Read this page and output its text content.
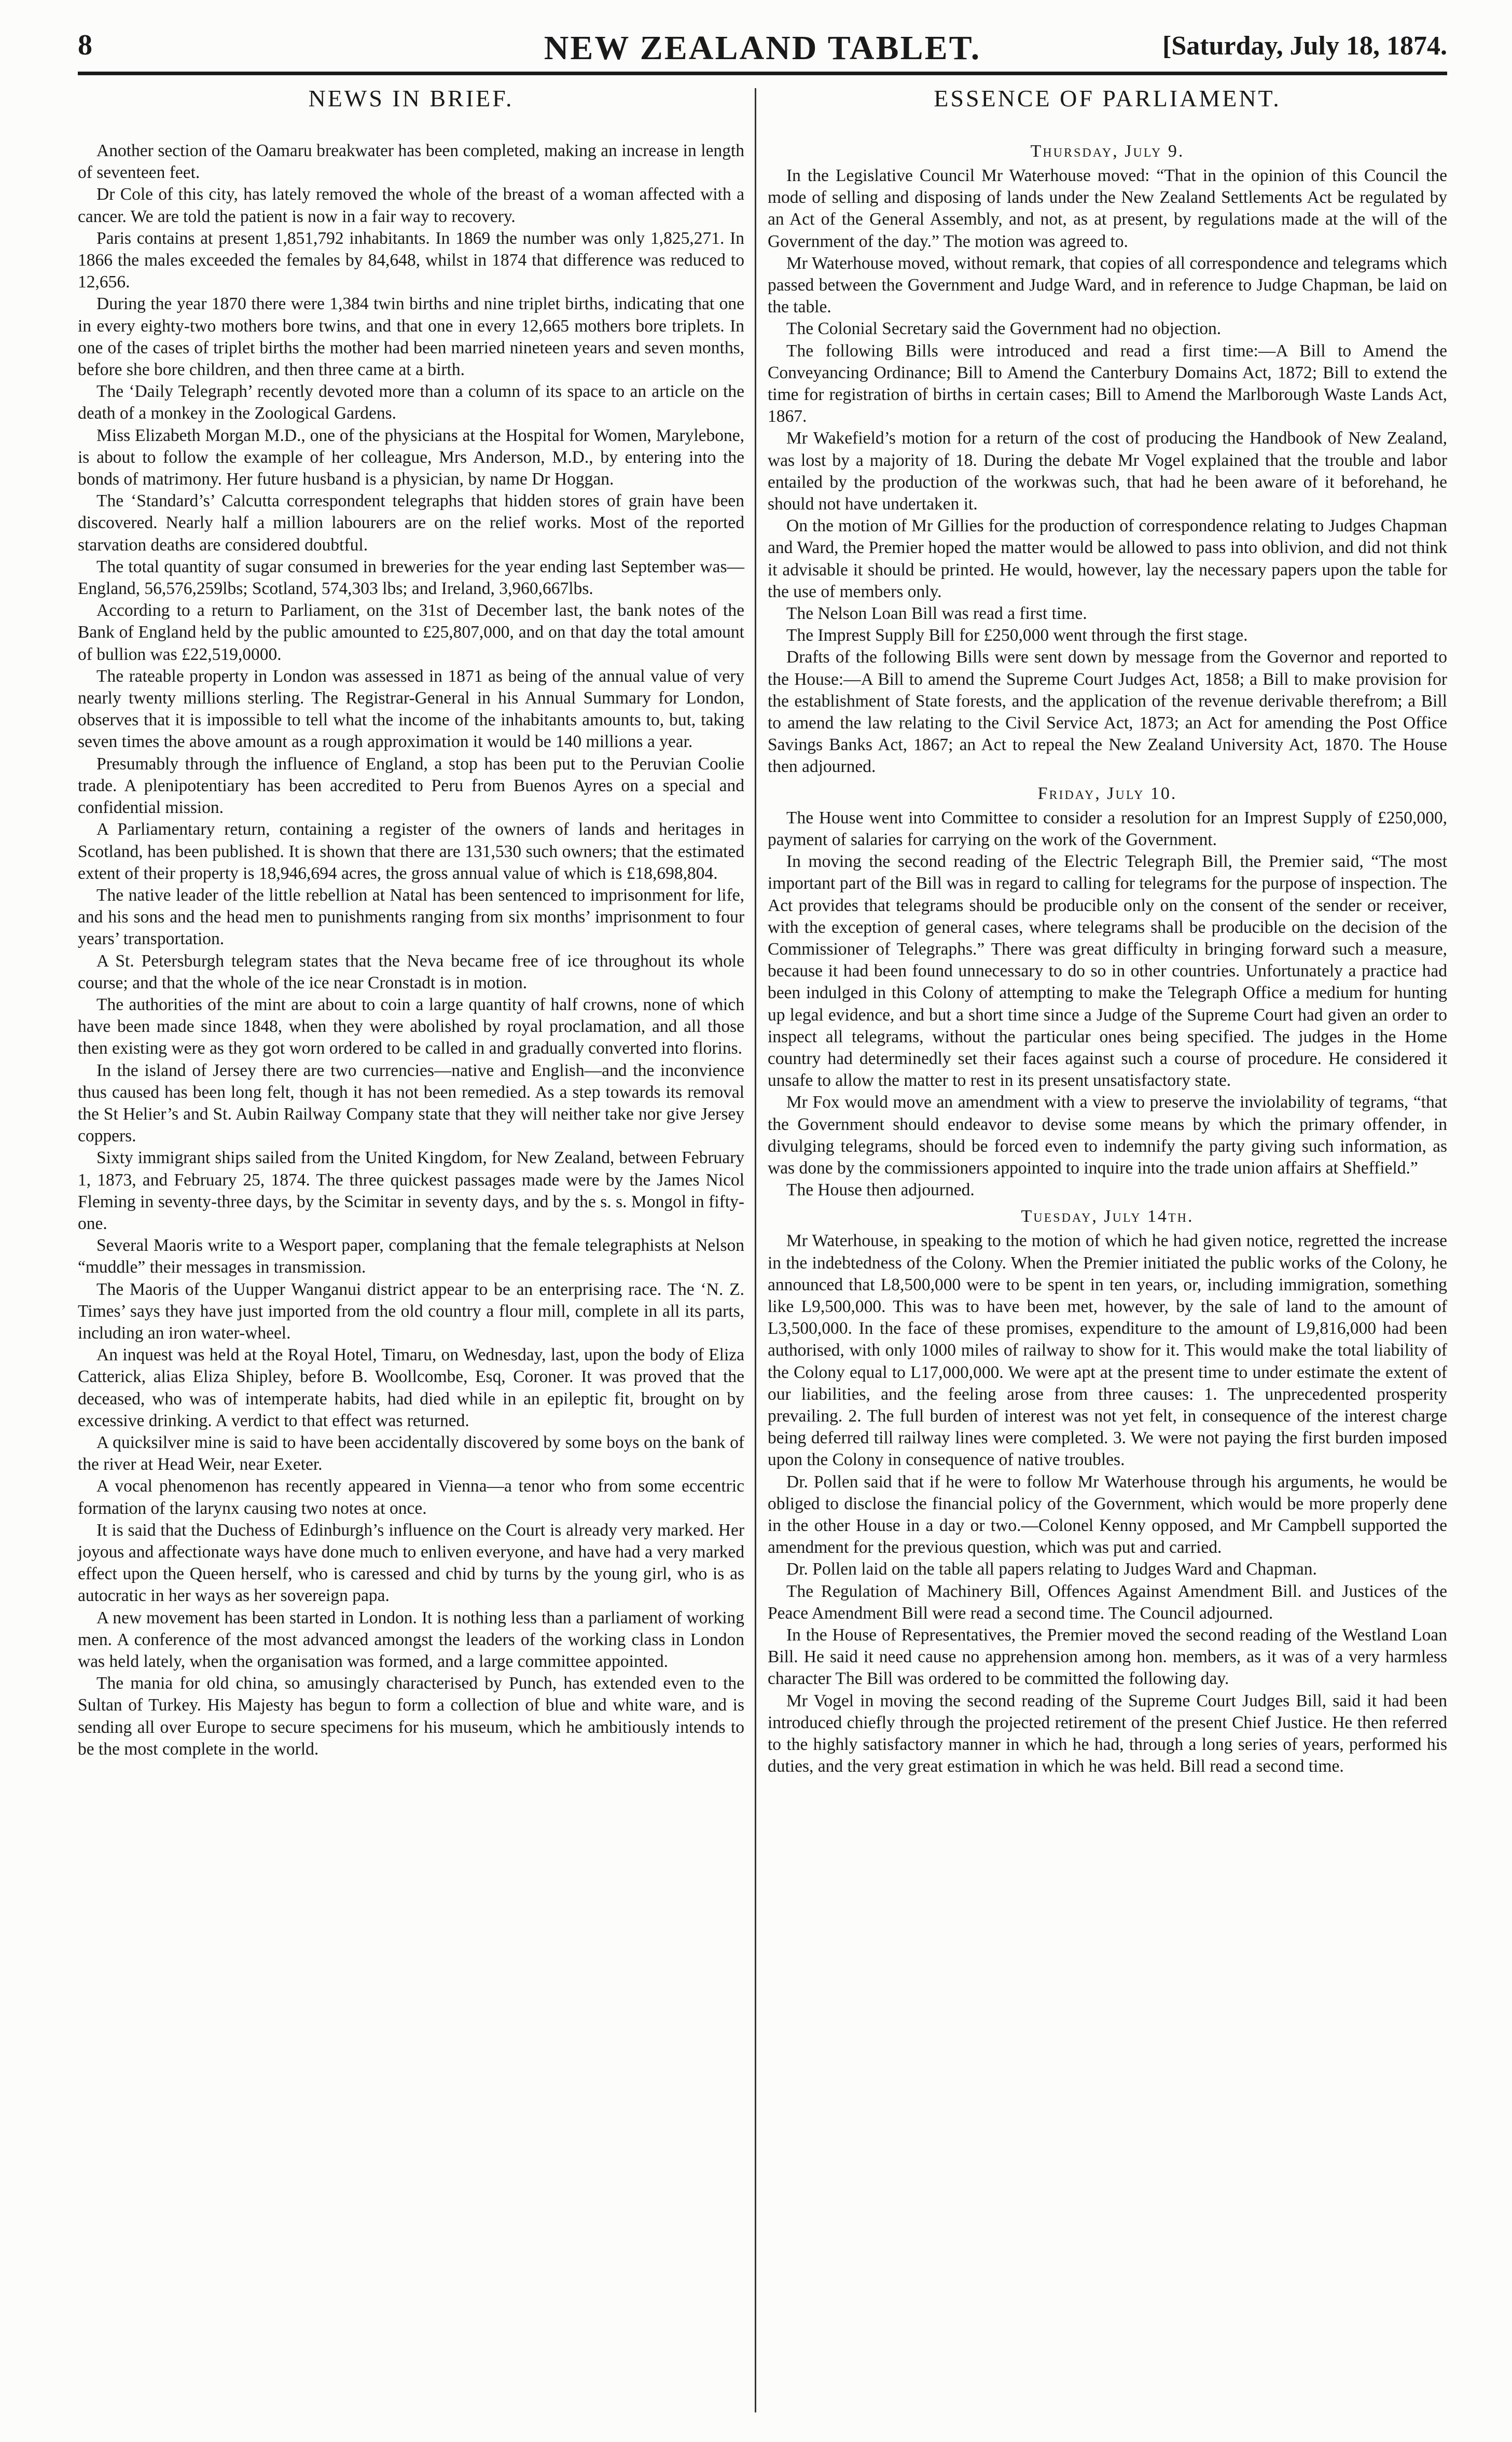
8	NEW ZEALAND TABLET.	[Saturday, July 18, 1874.
NEWS IN BRIEF.

Another section of the Oamaru breakwater has been completed, making an increase in length of seventeen feet.

Dr Cole of this city, has lately removed the whole of the breast of a woman affected with a cancer. We are told the patient is now in a fair way to recovery.

Paris contains at present 1,851,792 inhabitants. In 1869 the number was only 1,825,271. In 1866 the males exceeded the females by 84,648, whilst in 1874 that difference was reduced to 12,656.

During the year 1870 there were 1,384 twin births and nine triplet births, indicating that one in every eighty-two mothers bore twins, and that one in every 12,665 mothers bore triplets. In one of the cases of triplet births the mother had been married nineteen years and seven months, before she bore children, and then three came at a birth.

The ‘Daily Telegraph’ recently devoted more than a column of its space to an article on the death of a monkey in the Zoological Gardens.

Miss Elizabeth Morgan M.D., one of the physicians at the Hospital for Women, Marylebone, is about to follow the example of her colleague, Mrs Anderson, M.D., by entering into the bonds of matrimony. Her future husband is a physician, by name Dr Hoggan.

The ‘Standard’s’ Calcutta correspondent telegraphs that hidden stores of grain have been discovered. Nearly half a million labourers are on the relief works. Most of the reported starvation deaths are considered doubtful.

The total quantity of sugar consumed in breweries for the year ending last September was—England, 56,576,259lbs; Scotland, 574,303 lbs; and Ireland, 3,960,667lbs.

According to a return to Parliament, on the 31st of December last, the bank notes of the Bank of England held by the public amounted to £25,807,000, and on that day the total amount of bullion was £22,519,0000.

The rateable property in London was assessed in 1871 as being of the annual value of very nearly twenty millions sterling. The Registrar-General in his Annual Summary for London, observes that it is impossible to tell what the income of the inhabitants amounts to, but, taking seven times the above amount as a rough approximation it would be 140 millions a year.

Presumably through the influence of England, a stop has been put to the Peruvian Coolie trade. A plenipotentiary has been accredited to Peru from Buenos Ayres on a special and confidential mission.

A Parliamentary return, containing a register of the owners of lands and heritages in Scotland, has been published. It is shown that there are 131,530 such owners; that the estimated extent of their property is 18,946,694 acres, the gross annual value of which is £18,698,804.

The native leader of the little rebellion at Natal has been sentenced to imprisonment for life, and his sons and the head men to punishments ranging from six months’ imprisonment to four years’ transportation.

A St. Petersburgh telegram states that the Neva became free of ice throughout its whole course; and that the whole of the ice near Cronstadt is in motion.

The authorities of the mint are about to coin a large quantity of half crowns, none of which have been made since 1848, when they were abolished by royal proclamation, and all those then existing were as they got worn ordered to be called in and gradually converted into florins.

In the island of Jersey there are two currencies—native and English—and the inconvience thus caused has been long felt, though it has not been remedied. As a step towards its removal the St Helier’s and St. Aubin Railway Company state that they will neither take nor give Jersey coppers.

Sixty immigrant ships sailed from the United Kingdom, for New Zealand, between February 1, 1873, and February 25, 1874. The three quickest passages made were by the James Nicol Fleming in seventy-three days, by the Scimitar in seventy days, and by the s. s. Mongol in fifty-one.

Several Maoris write to a Wesport paper, complaning that the female telegraphists at Nelson “muddle” their messages in transmission.

The Maoris of the Uupper Wanganui district appear to be an enterprising race. The ‘N. Z. Times’ says they have just imported from the old country a flour mill, complete in all its parts, including an iron water-wheel.

An inquest was held at the Royal Hotel, Timaru, on Wednesday, last, upon the body of Eliza Catterick, alias Eliza Shipley, before B. Woollcombe, Esq, Coroner. It was proved that the deceased, who was of intemperate habits, had died while in an epileptic fit, brought on by excessive drinking. A verdict to that effect was returned.

A quicksilver mine is said to have been accidentally discovered by some boys on the bank of the river at Head Weir, near Exeter.

A vocal phenomenon has recently appeared in Vienna—a tenor who from some eccentric formation of the larynx causing two notes at once.

It is said that the Duchess of Edinburgh’s influence on the Court is already very marked. Her joyous and affectionate ways have done much to enliven everyone, and have had a very marked effect upon the Queen herself, who is caressed and chid by turns by the young girl, who is as autocratic in her ways as her sovereign papa.

A new movement has been started in London. It is nothing less than a parliament of working men. A conference of the most advanced amongst the leaders of the working class in London was held lately, when the organisation was formed, and a large committee appointed.

The mania for old china, so amusingly characterised by Punch, has extended even to the Sultan of Turkey. His Majesty has begun to form a collection of blue and white ware, and is sending all over Europe to secure specimens for his museum, which he ambitiously intends to be the most complete in the world.

ESSENCE OF PARLIAMENT.
Thursday, July 9.

In the Legislative Council Mr Waterhouse moved: “That in the opinion of this Council the mode of selling and disposing of lands under the New Zealand Settlements Act be regulated by an Act of the General Assembly, and not, as at present, by regulations made at the will of the Government of the day.” The motion was agreed to.

Mr Waterhouse moved, without remark, that copies of all correspondence and telegrams which passed between the Government and Judge Ward, and in reference to Judge Chapman, be laid on the table.

The Colonial Secretary said the Government had no objection.

The following Bills were introduced and read a first time:—A Bill to Amend the Conveyancing Ordinance; Bill to Amend the Canterbury Domains Act, 1872; Bill to extend the time for registration of births in certain cases; Bill to Amend the Marlborough Waste Lands Act, 1867.

Mr Wakefield’s motion for a return of the cost of producing the Handbook of New Zealand, was lost by a majority of 18. During the debate Mr Vogel explained that the trouble and labor entailed by the production of the workwas such, that had he been aware of it beforehand, he should not have undertaken it.

On the motion of Mr Gillies for the production of correspondence relating to Judges Chapman and Ward, the Premier hoped the matter would be allowed to pass into oblivion, and did not think it advisable it should be printed. He would, however, lay the necessary papers upon the table for the use of members only.

The Nelson Loan Bill was read a first time.

The Imprest Supply Bill for £250,000 went through the first stage.

Drafts of the following Bills were sent down by message from the Governor and reported to the House:—A Bill to amend the Supreme Court Judges Act, 1858; a Bill to make provision for the establishment of State forests, and the application of the revenue derivable therefrom; a Bill to amend the law relating to the Civil Service Act, 1873; an Act for amending the Post Office Savings Banks Act, 1867; an Act to repeal the New Zealand University Act, 1870. The House then adjourned.

Friday, July 10.

The House went into Committee to consider a resolution for an Imprest Supply of £250,000, payment of salaries for carrying on the work of the Government.

In moving the second reading of the Electric Telegraph Bill, the Premier said, “The most important part of the Bill was in regard to calling for telegrams for the purpose of inspection. The Act provides that telegrams should be producible only on the consent of the sender or receiver, with the exception of general cases, where telegrams shall be producible on the decision of the Commissioner of Telegraphs.” There was great difficulty in bringing forward such a measure, because it had been found unnecessary to do so in other countries. Unfortunately a practice had been indulged in this Colony of attempting to make the Telegraph Office a medium for hunting up legal evidence, and but a short time since a Judge of the Supreme Court had given an order to inspect all telegrams, without the particular ones being specified. The judges in the Home country had determinedly set their faces against such a course of procedure. He considered it unsafe to allow the matter to rest in its present unsatisfactory state.

Mr Fox would move an amendment with a view to preserve the inviolability of tegrams, “that the Government should endeavor to devise some means by which the primary offender, in divulging telegrams, should be forced even to indemnify the party giving such information, as was done by the commissioners appointed to inquire into the trade union affairs at Sheffield.”

The House then adjourned.

Tuesday, July 14th.

Mr Waterhouse, in speaking to the motion of which he had given notice, regretted the increase in the indebtedness of the Colony. When the Premier initiated the public works of the Colony, he announced that L8,500,000 were to be spent in ten years, or, including immigration, something like L9,500,000. This was to have been met, however, by the sale of land to the amount of L3,500,000. In the face of these promises, expenditure to the amount of L9,816,000 had been authorised, with only 1000 miles of railway to show for it. This would make the total liability of the Colony equal to L17,000,000. We were apt at the present time to under estimate the extent of our liabilities, and the feeling arose from three causes: 1. The unprecedented prosperity prevailing. 2. The full burden of interest was not yet felt, in consequence of the interest charge being deferred till railway lines were completed. 3. We were not paying the first burden imposed upon the Colony in consequence of native troubles.

Dr. Pollen said that if he were to follow Mr Waterhouse through his arguments, he would be obliged to disclose the financial policy of the Government, which would be more properly dene in the other House in a day or two.—Colonel Kenny opposed, and Mr Campbell supported the amendment for the previous question, which was put and carried.

Dr. Pollen laid on the table all papers relating to Judges Ward and Chapman.

The Regulation of Machinery Bill, Offences Against Amendment Bill. and Justices of the Peace Amendment Bill were read a second time. The Council adjourned.

In the House of Representatives, the Premier moved the second reading of the Westland Loan Bill. He said it need cause no apprehension among hon. members, as it was of a very harmless character The Bill was ordered to be committed the following day.

Mr Vogel in moving the second reading of the Supreme Court Judges Bill, said it had been introduced chiefly through the projected retirement of the present Chief Justice. He then referred to the highly satisfactory manner in which he had, through a long series of years, performed his duties, and the very great estimation in which he was held. Bill read a second time.
